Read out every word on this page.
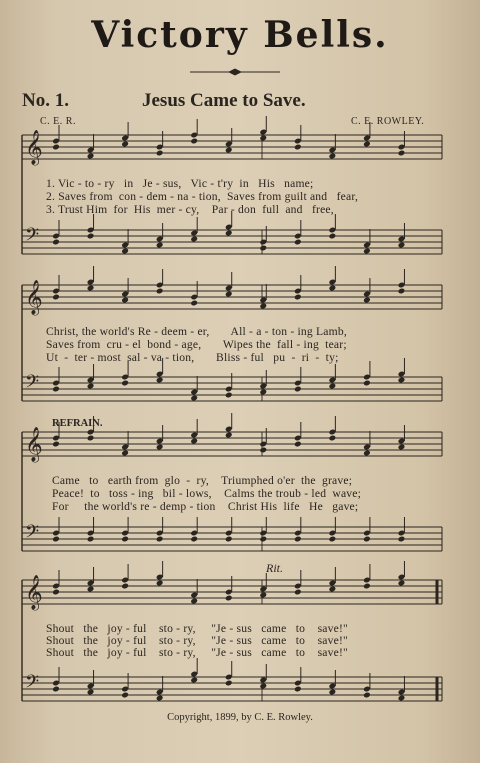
Victory Bells.
No. 1.	Jesus Came to Save.
C. E. R.	C. E. ROWLEY.
𝄞
𝄢
𝄞
𝄢
𝄞
𝄢
𝄞
𝄢
1. Vic - to - ry   in   Je - sus,   Vic - t'ry  in   His   name;
2. Saves from  con - dem - na - tion,  Saves from guilt and   fear,
3. Trust Him  for  His  mer - cy,    Par - don  full  and   free,
Christ, the world's Re - deem - er,       All - a - ton - ing Lamb,
Saves from  cru - el  bond - age,       Wipes the  fall - ing  tear;
Ut  -  ter - most  sal - va - tion,       Bliss - ful   pu  -  ri  -  ty;
REFRAIN.
Came   to   earth from  glo  -  ry,    Triumphed o'er  the  grave;
Peace!  to   toss - ing   bil - lows,    Calms the troub - led  wave;
For     the world's re - demp - tion    Christ His  life   He   gave;
Rit.
Shout   the   joy - ful    sto - ry,     "Je - sus   came   to    save!"
Shout   the   joy - ful    sto - ry,     "Je - sus   came   to    save!"
Shout   the   joy - ful    sto - ry,     "Je - sus   came   to    save!"
Copyright, 1899, by C. E. Rowley.
